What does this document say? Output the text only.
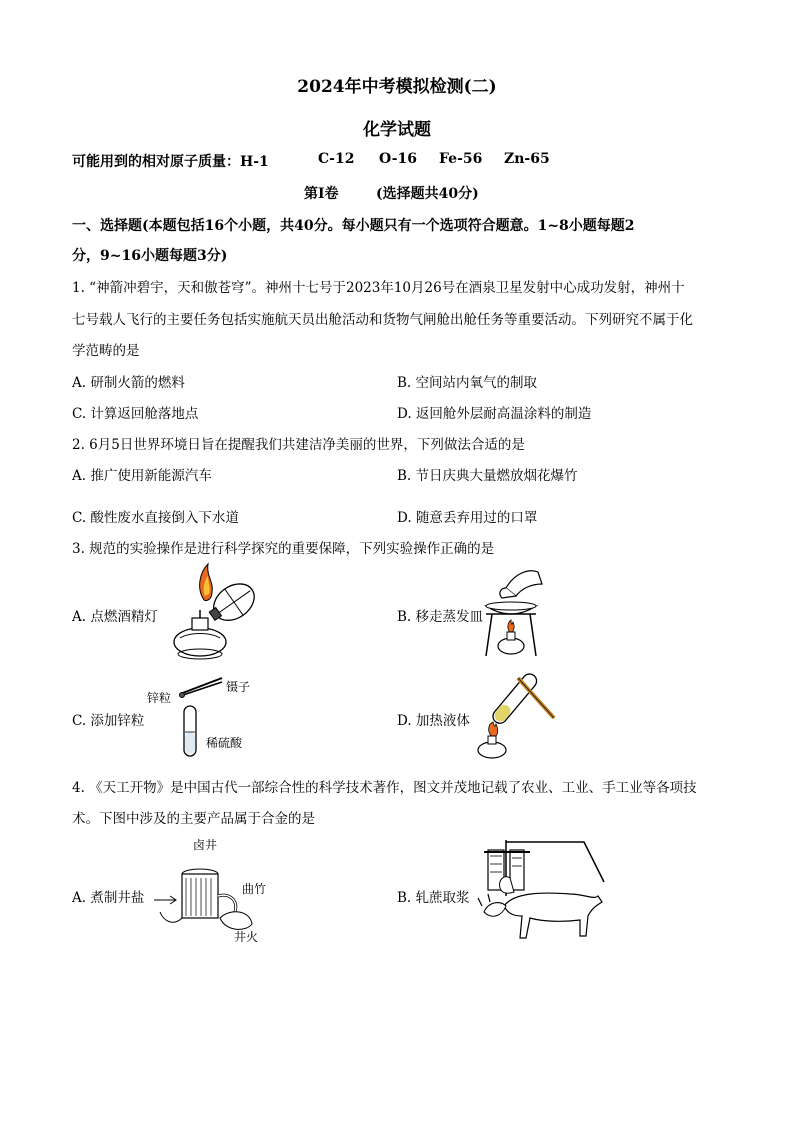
2024年中考模拟检测(二)
化学试题
可能用到的相对原子质量：H-1	C-12 O-16 Fe-56 Zn-65
第Ⅰ卷	(选择题共40分)
一、选择题(本题包括16个小题，共40分。每小题只有一个选项符合题意。1~8小题每题2
分，9~16小题每题3分)
1. “神箭冲碧宇，天和傲苍穹”。神州十七号于2023年10月26号在酒泉卫星发射中心成功发射，神州十
七号载人飞行的主要任务包括实施航天员出舱活动和货物气闸舱出舱任务等重要活动。下列研究不属于化
学范畴的是
A. 研制火箭的燃料	B. 空间站内氧气的制取
C. 计算返回舱落地点	D. 返回舱外层耐高温涂料的制造
2. 6月5日世界环境日旨在提醒我们共建洁净美丽的世界，下列做法合适的是
A. 推广使用新能源汽车	B. 节日庆典大量燃放烟花爆竹
C. 酸性废水直接倒入下水道	D. 随意丢弃用过的口罩
3. 规范的实验操作是进行科学探究的重要保障，下列实验操作正确的是
A. 点燃酒精灯	B. 移走蒸发皿
C. 添加锌粒	D. 加热液体
锌粒
镊子
稀硫酸
4. 《天工开物》是中国古代一部综合性的科学技术著作，图文并茂地记载了农业、工业、手工业等各项技
术。下图中涉及的主要产品属于合金的是
A. 煮制井盐	B. 轧蔗取浆
卤井
曲竹
井火
